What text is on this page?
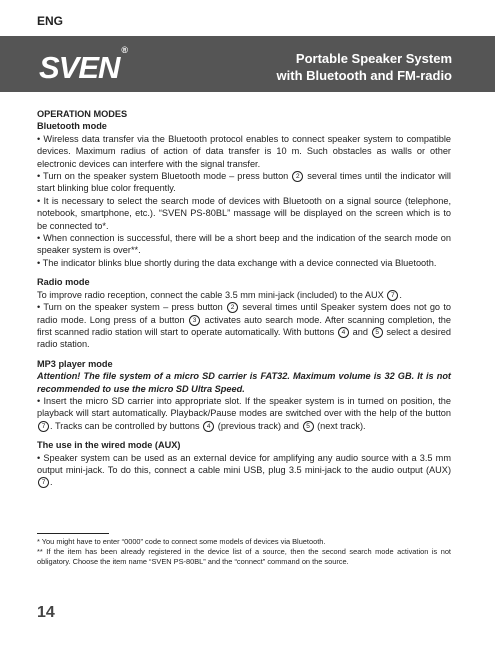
ENG
SVEN®
Portable Speaker System
with Bluetooth and FM-radio

OPERATION MODES

Bluetooth mode

• Wireless data transfer via the Bluetooth protocol enables to connect speaker system to compatible devices. Maximum radius of action of data transfer is 10 m. Such obstacles as walls or other electronic devices can interfere with the signal transfer.

• Turn on the speaker system Bluetooth mode – press button 2 several times until the indicator will start blinking blue color frequently.

• It is necessary to select the search mode of devices with Bluetooth on a signal source (telephone, notebook, smartphone, etc.). “SVEN PS-80BL” massage will be displayed on the screen which is to be connected to*.

• When connection is successful, there will be a short beep and the indication of the search mode on speaker system is over**.

• The indicator blinks blue shortly during the data exchange with a device connected via Bluetooth.

Radio mode

To improve radio reception, connect the cable 3.5 mm mini-jack (included) to the AUX 7 .

• Turn on the speaker system – press button 2 several times until Speaker system does not go to radio mode. Long press of a button 3 activates auto search mode. After scanning completion, the first scanned radio station will start to operate automatically. With buttons 4 and 5 select a desired radio station.

MP3 player mode

Attention! The file system of a micro SD carrier is FAT32. Maximum volume is 32 GB. It is not recommended to use the micro SD Ultra Speed.

• Insert the micro SD carrier into appropriate slot. If the speaker system is in turned on position, the playback will start automatically. Playback/Pause modes are switched over with the help of the button 7 . Tracks can be controlled by buttons 4 (previous track) and 5 (next track).

The use in the wired mode (AUX)

• Speaker system can be used as an external device for amplifying any audio source with a 3.5 mm output mini-jack. To do this, connect a cable mini USB, plug 3.5 mini-jack to the audio output (AUX) 7 .

* You might have to enter “0000” code to connect some models of devices via Bluetooth.

** If the item has been already registered in the device list of a source, then the second search mode activation is not obligatory. Choose the item name “SVEN PS-80BL” and the “connect” command on the source.

14
